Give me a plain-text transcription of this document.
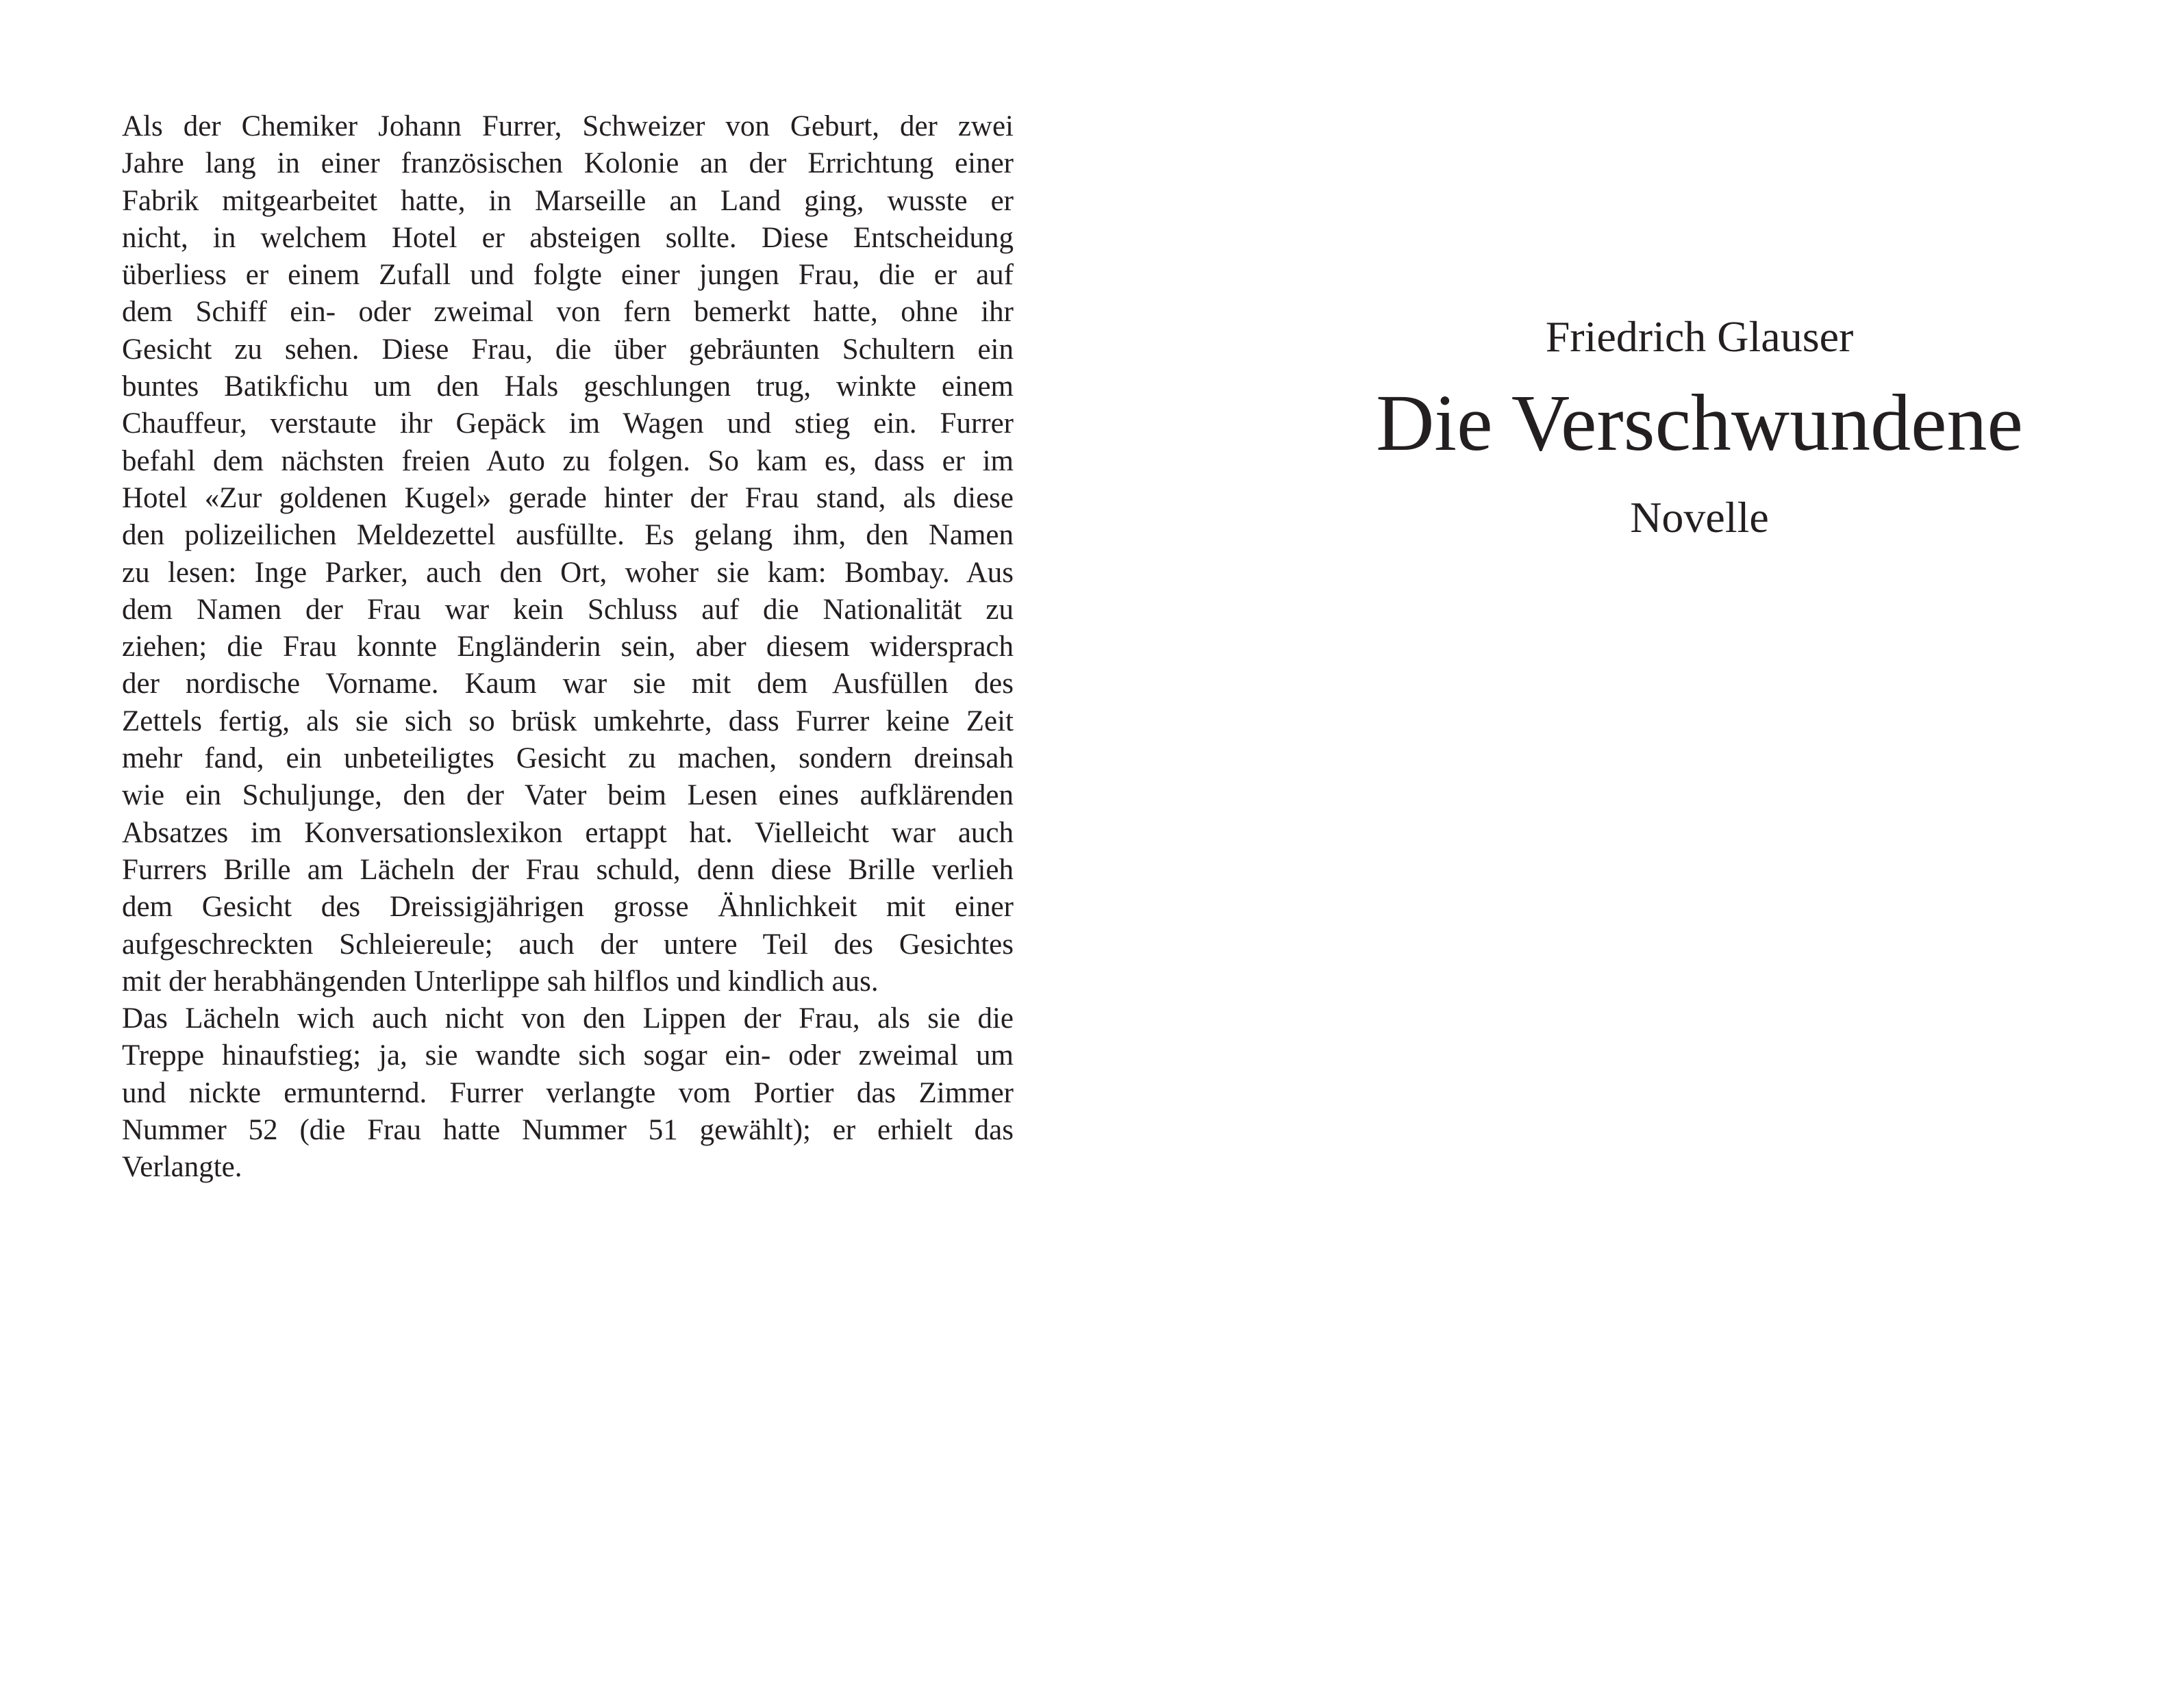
Als der Chemiker Johann Furrer, Schweizer von Geburt, der zwei
Jahre lang in einer französischen Kolonie an der Errichtung einer
Fabrik mitgearbeitet hatte, in Marseille an Land ging, wusste er
nicht, in welchem Hotel er absteigen sollte. Diese Entscheidung
überliess er einem Zufall und folgte einer jungen Frau, die er auf
dem Schiff ein- oder zweimal von fern bemerkt hatte, ohne ihr
Gesicht zu sehen. Diese Frau, die über gebräunten Schultern ein
buntes Batikfichu um den Hals geschlungen trug, winkte einem
Chauffeur, verstaute ihr Gepäck im Wagen und stieg ein. Furrer
befahl dem nächsten freien Auto zu folgen. So kam es, dass er im
Hotel «Zur goldenen Kugel» gerade hinter der Frau stand, als diese
den polizeilichen Meldezettel ausfüllte. Es gelang ihm, den Namen
zu lesen: Inge Parker, auch den Ort, woher sie kam: Bombay. Aus
dem Namen der Frau war kein Schluss auf die Nationalität zu
ziehen; die Frau konnte Engländerin sein, aber diesem widersprach
der nordische Vorname. Kaum war sie mit dem Ausfüllen des
Zettels fertig, als sie sich so brüsk umkehrte, dass Furrer keine Zeit
mehr fand, ein unbeteiligtes Gesicht zu machen, sondern dreinsah
wie ein Schuljunge, den der Vater beim Lesen eines aufklärenden
Absatzes im Konversationslexikon ertappt hat. Vielleicht war auch
Furrers Brille am Lächeln der Frau schuld, denn diese Brille verlieh
dem Gesicht des Dreissigjährigen grosse Ähnlichkeit mit einer
aufgeschreckten Schleiereule; auch der untere Teil des Gesichtes
mit der herabhängenden Unterlippe sah hilflos und kindlich aus.
Das Lächeln wich auch nicht von den Lippen der Frau, als sie die
Treppe hinaufstieg; ja, sie wandte sich sogar ein- oder zweimal um
und nickte ermunternd. Furrer verlangte vom Portier das Zimmer
Nummer 52 (die Frau hatte Nummer 51 gewählt); er erhielt das
Verlangte.

Friedrich Glauser
Die Verschwundene
Novelle
